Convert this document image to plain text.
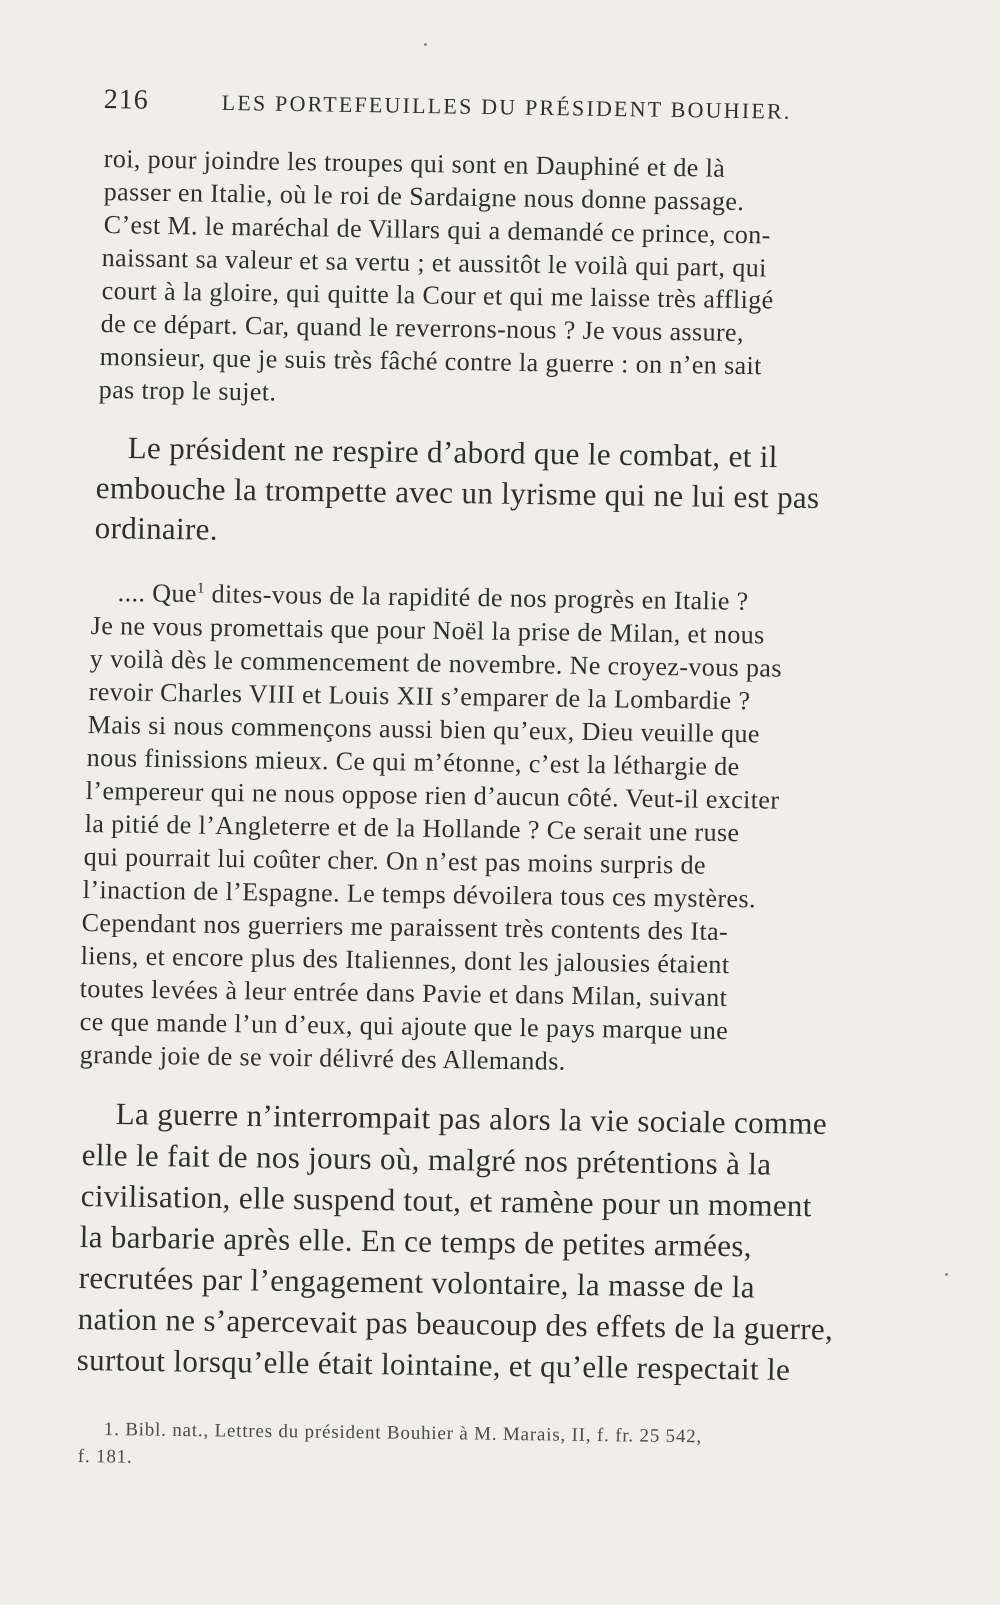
216	LES PORTEFEUILLES DU PRÉSIDENT BOUHIER.

roi, pour joindre les troupes qui sont en Dauphiné et de là

passer en Italie, où le roi de Sardaigne nous donne passage.

C’est M. le maréchal de Villars qui a demandé ce prince, con-

naissant sa valeur et sa vertu ; et aussitôt le voilà qui part, qui

court à la gloire, qui quitte la Cour et qui me laisse très affligé

de ce départ. Car, quand le reverrons-nous ? Je vous assure,

monsieur, que je suis très fâché contre la guerre : on n’en sait

pas trop le sujet.

Le président ne respire d’abord que le combat, et il

embouche la trompette avec un lyrisme qui ne lui est pas

ordinaire.

.... Que$^1$ dites-vous de la rapidité de nos progrès en Italie ?

Je ne vous promettais que pour Noël la prise de Milan, et nous

y voilà dès le commencement de novembre. Ne croyez-vous pas

revoir Charles VIII et Louis XII s’emparer de la Lombardie ?

Mais si nous commençons aussi bien qu’eux, Dieu veuille que

nous finissions mieux. Ce qui m’étonne, c’est la léthargie de

l’empereur qui ne nous oppose rien d’aucun côté. Veut-il exciter

la pitié de l’Angleterre et de la Hollande ? Ce serait une ruse

qui pourrait lui coûter cher. On n’est pas moins surpris de

l’inaction de l’Espagne. Le temps dévoilera tous ces mystères.

Cependant nos guerriers me paraissent très contents des Ita-

liens, et encore plus des Italiennes, dont les jalousies étaient

toutes levées à leur entrée dans Pavie et dans Milan, suivant

ce que mande l’un d’eux, qui ajoute que le pays marque une

grande joie de se voir délivré des Allemands.

La guerre n’interrompait pas alors la vie sociale comme

elle le fait de nos jours où, malgré nos prétentions à la

civilisation, elle suspend tout, et ramène pour un moment

la barbarie après elle. En ce temps de petites armées,

recrutées par l’engagement volontaire, la masse de la

nation ne s’apercevait pas beaucoup des effets de la guerre,

surtout lorsqu’elle était lointaine, et qu’elle respectait le

1. Bibl. nat., Lettres du président Bouhier à M. Marais, II, f. fr. 25 542,

f. 181.
